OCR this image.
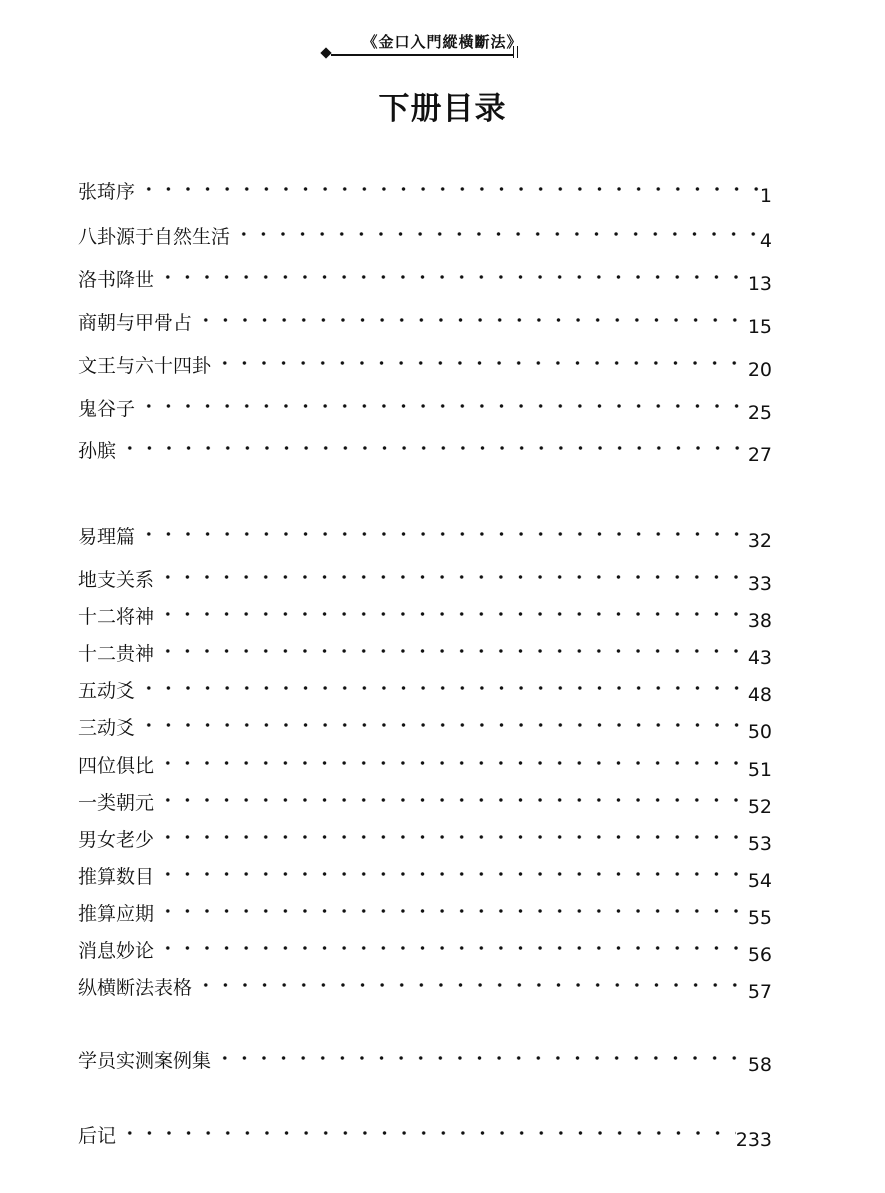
《金口入門縱橫斷法》
下册目录
张琦序	1
八卦源于自然生活	4
洛书降世	13
商朝与甲骨占	15
文王与六十四卦	20
鬼谷子	25
孙膑	27
易理篇	32
地支关系	33
十二将神	38
十二贵神	43
五动爻	48
三动爻	50
四位俱比	51
一类朝元	52
男女老少	53
推算数目	54
推算应期	55
消息妙论	56
纵横断法表格	57
学员实测案例集	58
后记	233
